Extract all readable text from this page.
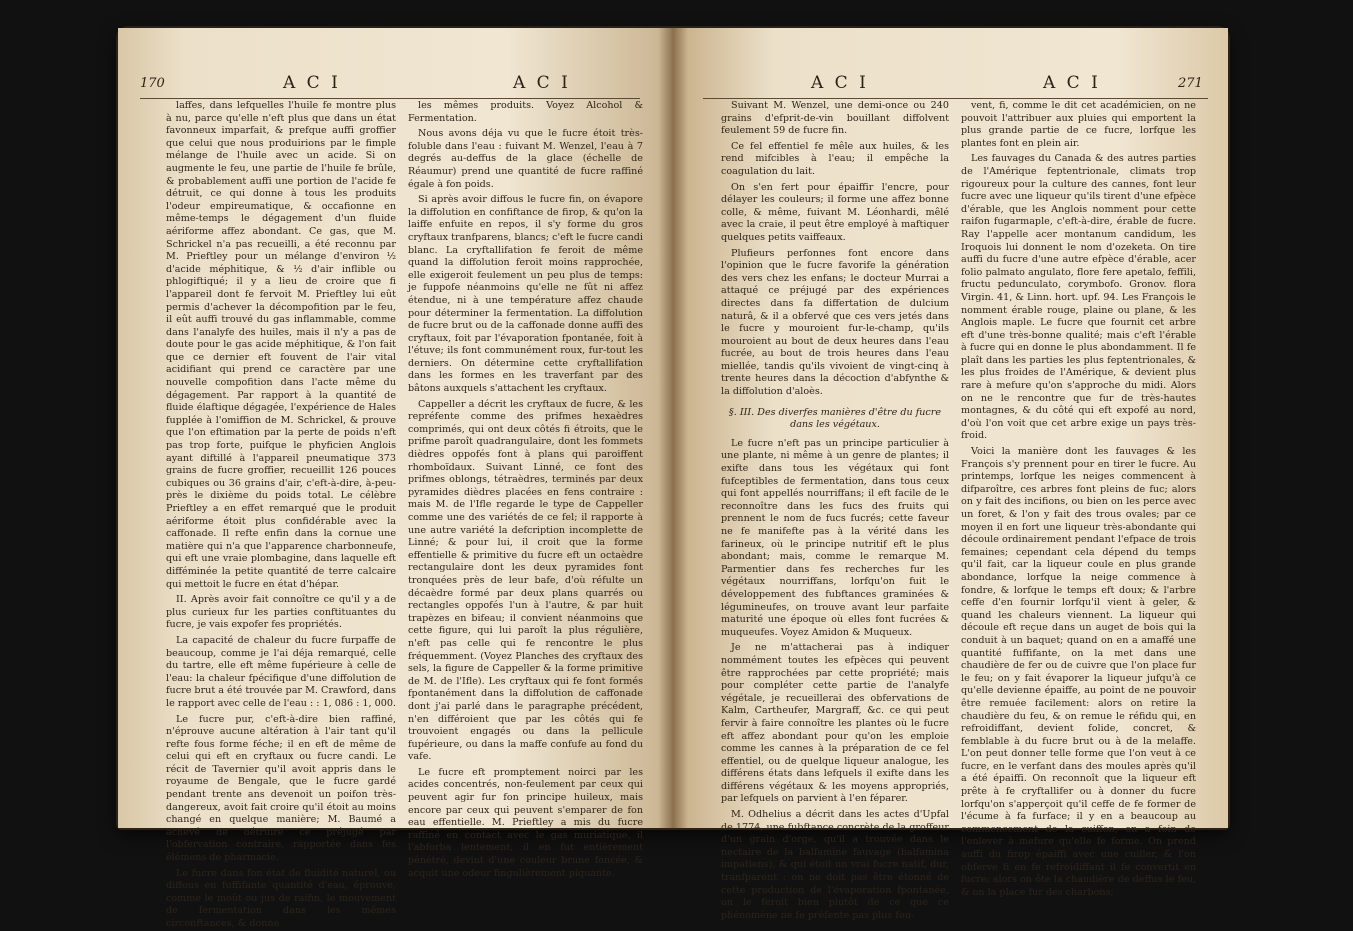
170	A C I	A C I

laffes, dans lefquelles l'huile fe montre plus à nu, parce qu'elle n'eft plus que dans un état favonneux imparfait, & prefque auffi groffier que celui que nous produirions par le fimple mélange de l'huile avec un acide. Si on augmente le feu, une partie de l'huile fe brûle, & probablement auffi une portion de l'acide fe détruit, ce qui donne à tous les produits l'odeur empireumatique, & occafionne en même-temps le dégagement d'un fluide aériforme affez abondant. Ce gas, que M. Schrickel n'a pas recueilli, a été reconnu par M. Prieftley pour un mélange d'environ ½ d'acide méphitique, & ½ d'air inflible ou phlogiftiqué; il y a lieu de croire que fi l'appareil dont fe fervoit M. Prieftley lui eût permis d'achever la décompofition par le feu, il eût auffi trouvé du gas inflammable, comme dans l'analyfe des huiles, mais il n'y a pas de doute pour le gas acide méphitique, & l'on fait que ce dernier eft fouvent de l'air vital acidifiant qui prend ce caractère par une nouvelle compofition dans l'acte même du dégagement. Par rapport à la quantité de fluide élaftique dégagée, l'expérience de Hales fupplée à l'omiffion de M. Schrickel, & prouve que l'on eftimation par la perte de poids n'eft pas trop forte, puifque le phyficien Anglois ayant diftillé à l'appareil pneumatique 373 grains de fucre groffier, recueillit 126 pouces cubiques ou 36 grains d'air, c'eft-à-dire, à-peu-près le dixième du poids total. Le célèbre Prieftley a en effet remarqué que le produit aériforme étoit plus confidérable avec la caffonade. Il refte enfin dans la cornue une matière qui n'a que l'apparence charbonneufe, qui eft une vraie plombagine, dans laquelle eft difféminée la petite quantité de terre calcaire qui mettoit le fucre en état d'hépar.

II. Après avoir fait connoître ce qu'il y a de plus curieux fur les parties conftituantes du fucre, je vais expofer fes propriétés.

La capacité de chaleur du fucre furpaffe de beaucoup, comme je l'ai déja remarqué, celle du tartre, elle eft même fupérieure à celle de l'eau: la chaleur fpécifique d'une diffolution de fucre brut a été trouvée par M. Crawford, dans le rapport avec celle de l'eau : : 1, 086 : 1, 000.

Le fucre pur, c'eft-à-dire bien raffiné, n'éprouve aucune altération à l'air tant qu'il refte fous forme féche; il en eft de même de celui qui eft en cryftaux ou fucre candi. Le récit de Tavernier qu'il avoit appris dans le royaume de Bengale, que le fucre gardé pendant trente ans devenoit un poifon très-dangereux, avoit fait croire qu'il étoit au moins changé en quelque manière; M. Baumé a achevé de détruire ce préjugé par l'obfervation contraire, rapportée dans fes élémens de pharmacie.

Le fucre dans fon état de fluidité naturel, ou diffous en fuffifante quantité d'eau, éprouve, comme le moût ou jus de raifin, le mouvement de fermentation dans les mêmes circonftances, & donne

les mêmes produits. Voyez Alcohol & Fermentation.

Nous avons déja vu que le fucre étoit très-foluble dans l'eau : fuivant M. Wenzel, l'eau à 7 degrés au-deffus de la glace (échelle de Réaumur) prend une quantité de fucre raffiné égale à fon poids.

Si après avoir diffous le fucre fin, on évapore la diffolution en confiftance de firop, & qu'on la laiffe enfuite en repos, il s'y forme du gros cryftaux tranfparens, blancs; c'eft le fucre candi blanc. La cryftallifation fe feroit de même quand la diffolution feroit moins rapprochée, elle exigeroit feulement un peu plus de temps: je fuppofe néanmoins qu'elle ne fût ni affez étendue, ni à une température affez chaude pour déterminer la fermentation. La diffolution de fucre brut ou de la caffonade donne auffi des cryftaux, foit par l'évaporation fpontanée, foit à l'étuve; ils font communément roux, fur-tout les derniers. On détermine cette cryftallifation dans les formes en les traverfant par des bâtons auxquels s'attachent les cryftaux.

Cappeller a décrit les cryftaux de fucre, & les repréfente comme des prifmes hexaèdres comprimés, qui ont deux côtés fi étroits, que le prifme paroît quadrangulaire, dont les fommets dièdres oppofés font à plans qui paroiffent rhomboïdaux. Suivant Linné, ce font des prifmes oblongs, tétraèdres, terminés par deux pyramides dièdres placées en fens contraire : mais M. de l'Ifle regarde le type de Cappeller comme une des variétés de ce fel; il rapporte à une autre variété la defcription incomplette de Linné; & pour lui, il croit que la forme effentielle & primitive du fucre eft un octaèdre rectangulaire dont les deux pyramides font tronquées près de leur bafe, d'où réfulte un décaèdre formé par deux plans quarrés ou rectangles oppofés l'un à l'autre, & par huit trapèzes en bifeau; il convient néanmoins que cette figure, qui lui paroît la plus régulière, n'eft pas celle qui fe rencontre le plus fréquemment. (Voyez Planches des cryftaux des sels, la figure de Cappeller & la forme primitive de M. de l'Ifle). Les cryftaux qui fe font formés fpontanément dans la diffolution de caffonade dont j'ai parlé dans le paragraphe précédent, n'en différoient que par les côtés qui fe trouvoient engagés ou dans la pellicule fupérieure, ou dans la maffe confufe au fond du vafe.

Le fucre eft promptement noirci par les acides concentrés, non-feulement par ceux qui peuvent agir fur fon principe huileux, mais encore par ceux qui peuvent s'emparer de fon eau effentielle. M. Prieftley a mis du fucre raffiné en contact avec le gas muriatique, il l'abforba lentement, il en fut entièrement pénétré, devint d'une couleur brune foncée, & acquit une odeur fingulièrement piquante.

A C I	A C I	271

Suivant M. Wenzel, une demi-once ou 240 grains d'efprit-de-vin bouillant diffolvent feulement 59 de fucre fin.

Ce fel effentiel fe mêle aux huiles, & les rend mifcibles à l'eau; il empêche la coagulation du lait.

On s'en fert pour épaiffir l'encre, pour délayer les couleurs; il forme une affez bonne colle, & même, fuivant M. Léonhardi, mêlé avec la craie, il peut être employé à maftiquer quelques petits vaiffeaux.

Plufieurs perfonnes font encore dans l'opinion que le fucre favorife la génération des vers chez les enfans; le docteur Murrai a attaqué ce préjugé par des expériences directes dans fa differtation de dulcium naturâ, & il a obfervé que ces vers jetés dans le fucre y mouroient fur-le-champ, qu'ils mouroient au bout de deux heures dans l'eau fucrée, au bout de trois heures dans l'eau miellée, tandis qu'ils vivoient de vingt-cinq à trente heures dans la décoction d'abfynthe & la diffolution d'aloès.

§. III. Des diverfes manières d'être du fucre dans les végétaux.

Le fucre n'eft pas un principe particulier à une plante, ni même à un genre de plantes; il exifte dans tous les végétaux qui font fufceptibles de fermentation, dans tous ceux qui font appellés nourriffans; il eft facile de le reconnoître dans les fucs des fruits qui prennent le nom de fucs fucrés; cette faveur ne fe manifefte pas à la vérité dans les farineux, où le principe nutritif eft le plus abondant; mais, comme le remarque M. Parmentier dans fes recherches fur les végétaux nourriffans, lorfqu'on fuit le développement des fubftances graminées & légumineufes, on trouve avant leur parfaite maturité une époque où elles font fucrées & muqueufes. Voyez Amidon & Muqueux.

Je ne m'attacherai pas à indiquer nommément toutes les efpèces qui peuvent être rapprochées par cette propriété; mais pour compléter cette partie de l'analyfe végétale, je recueillerai des obfervations de Kalm, Cartheufer, Margraff, &c. ce qui peut fervir à faire connoître les plantes où le fucre eft affez abondant pour qu'on les emploie comme les cannes à la préparation de ce fel effentiel, ou de quelque liqueur analogue, les différens états dans lefquels il exifte dans les différens végétaux & les moyens appropriés, par lefquels on parvient à l'en féparer.

M. Odhelius a décrit dans les actes d'Upfal de 1774, une fubftance concrète de la groffeur d'un grain d'orge, qu'il a trouvée dans le nectaire de la balfamine fauvage (balfamina impatiens), & qui étoit un vrai fucre natif, dur, tranfparent : on ne doit pas être étonné de cette production de l'évaporation fpontanée, on le feroit bien plutôt de ce que ce phénomène ne fe préfente pas plus fou-

vent, fi, comme le dit cet académicien, on ne pouvoit l'attribuer aux pluies qui emportent la plus grande partie de ce fucre, lorfque les plantes font en plein air.

Les fauvages du Canada & des autres parties de l'Amérique feptentrionale, climats trop rigoureux pour la culture des cannes, font leur fucre avec une liqueur qu'ils tirent d'une efpèce d'érable, que les Anglois nomment pour cette raifon fugarmaple, c'eft-à-dire, érable de fucre. Ray l'appelle acer montanum candidum, les Iroquois lui donnent le nom d'ozeketa. On tire auffi du fucre d'une autre efpèce d'érable, acer folio palmato angulato, flore fere apetalo, feffili, fructu pedunculato, corymbofo. Gronov. flora Virgin. 41, & Linn. hort. upf. 94. Les François le nomment érable rouge, plaine ou plane, & les Anglois maple. Le fucre que fournit cet arbre eft d'une très-bonne qualité; mais c'eft l'érable à fucre qui en donne le plus abondamment. Il fe plaît dans les parties les plus feptentrionales, & les plus froides de l'Amérique, & devient plus rare à mefure qu'on s'approche du midi. Alors on ne le rencontre que fur de très-hautes montagnes, & du côté qui eft expofé au nord, d'où l'on voit que cet arbre exige un pays très-froid.

Voici la manière dont les fauvages & les François s'y prennent pour en tirer le fucre. Au printemps, lorfque les neiges commencent à difparoître, ces arbres font pleins de fuc; alors on y fait des incifions, ou bien on les perce avec un foret, & l'on y fait des trous ovales; par ce moyen il en fort une liqueur très-abondante qui découle ordinairement pendant l'efpace de trois femaines; cependant cela dépend du temps qu'il fait, car la liqueur coule en plus grande abondance, lorfque la neige commence à fondre, & lorfque le temps eft doux; & l'arbre ceffe d'en fournir lorfqu'il vient à geler, & quand les chaleurs viennent. La liqueur qui découle eft reçue dans un auget de bois qui la conduit à un baquet; quand on en a amaffé une quantité fuffifante, on la met dans une chaudière de fer ou de cuivre que l'on place fur le feu; on y fait évaporer la liqueur jufqu'à ce qu'elle devienne épaiffe, au point de ne pouvoir être remuée facilement: alors on retire la chaudière du feu, & on remue le réfidu qui, en refroidiffant, devient folide, concret, & femblable à du fucre brut ou à de la melaffe. L'on peut donner telle forme que l'on veut à ce fucre, en le verfant dans des moules après qu'il a été épaiffi. On reconnoît que la liqueur eft prête à fe cryftallifer ou à donner du fucre lorfqu'on s'apperçoit qu'il ceffe de fe former de l'écume à fa furface; il y en a beaucoup au commencement de la cuiffon, on a foin de l'enlever à mefure qu'elle fe forme. On prend auffi du firop épaiffi avec une cuiller, & l'on obferve fi en fe refroidiffant il fe convertit en fucre; alors on ôte la chaudière de deffus le feu, & on la place fur des charbons;
